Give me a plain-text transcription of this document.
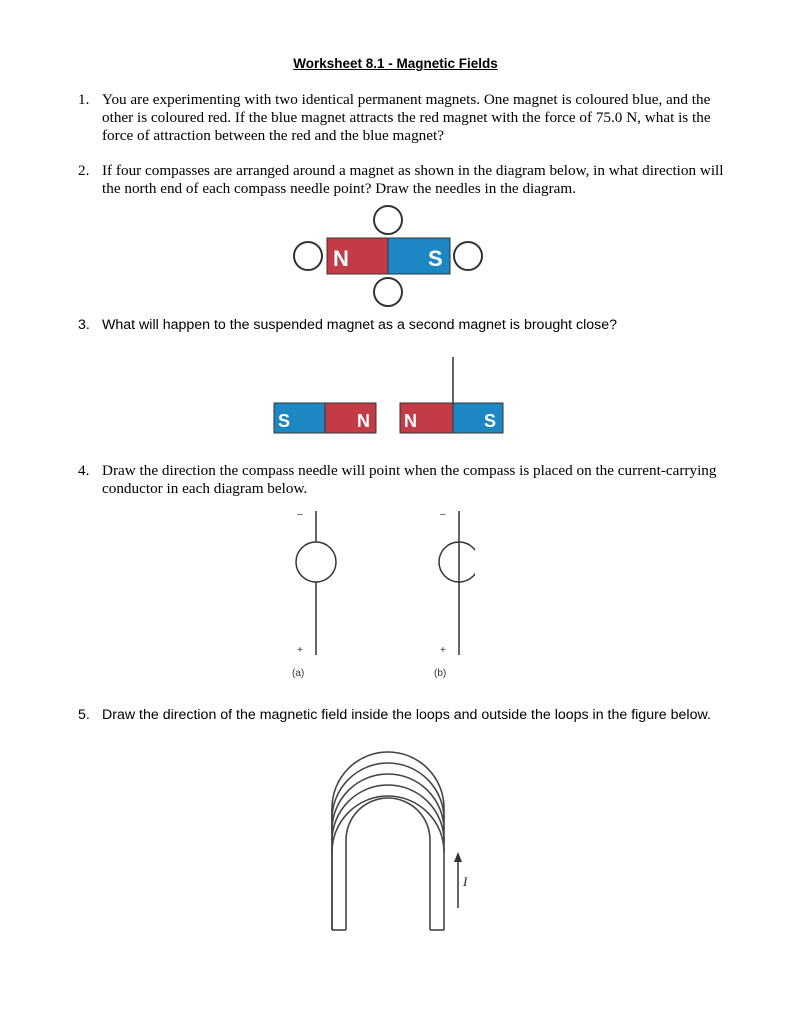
Worksheet 8.1 - Magnetic Fields
1. You are experimenting with two identical permanent magnets. One magnet is coloured blue, and the other is coloured red. If the blue magnet attracts the red magnet with the force of 75.0 N, what is the force of attraction between the red and the blue magnet?
2. If four compasses are arranged around a magnet as shown in the diagram below, in what direction will the north end of each compass needle point? Draw the needles in the diagram.
N	S
3. What will happen to the suspended magnet as a second magnet is brought close?
S	N N	S
4. Draw the direction the compass needle will point when the compass is placed on the current-carrying conductor in each diagram below.
–
+
(a)
–
+
(b)
5. Draw the direction of the magnetic field inside the loops and outside the loops in the figure below.
I
